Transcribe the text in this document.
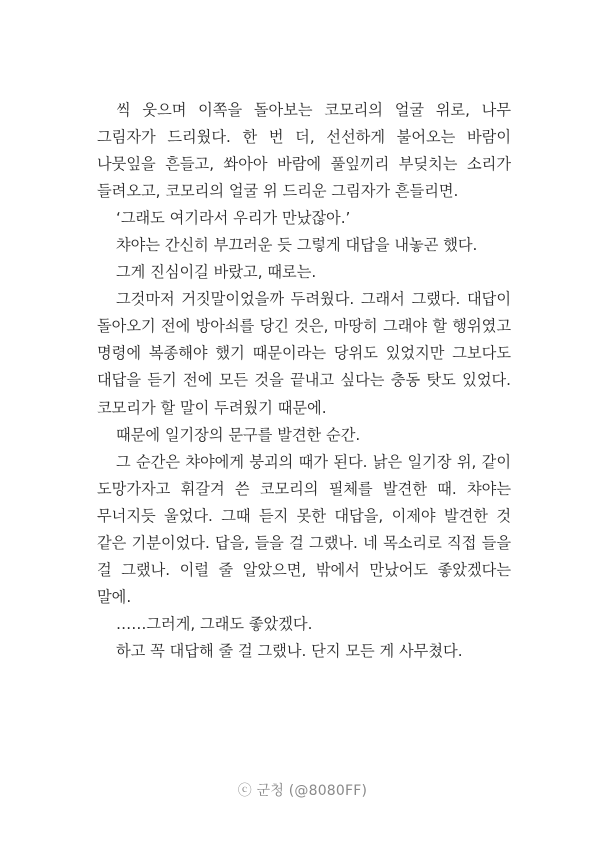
씩 웃으며 이쪽을 돌아보는 코모리의 얼굴 위로, 나무 그림자가 드리웠다. 한 번 더, 선선하게 불어오는 바람이 나뭇잎을 흔들고, 쏴아아 바람에 풀잎끼리 부딪치는 소리가 들려오고, 코모리의 얼굴 위 드리운 그림자가 흔들리면.

‘그래도 여기라서 우리가 만났잖아.’

챠야는 간신히 부끄러운 듯 그렇게 대답을 내놓곤 했다.

그게 진심이길 바랐고, 때로는.

그것마저 거짓말이었을까 두려웠다. 그래서 그랬다. 대답이 돌아오기 전에 방아쇠를 당긴 것은, 마땅히 그래야 할 행위였고 명령에 복종해야 했기 때문이라는 당위도 있었지만 그보다도 대답을 듣기 전에 모든 것을 끝내고 싶다는 충동 탓도 있었다. 코모리가 할 말이 두려웠기 때문에.

때문에 일기장의 문구를 발견한 순간.

그 순간은 챠야에게 붕괴의 때가 된다. 낡은 일기장 위, 같이 도망가자고 휘갈겨 쓴 코모리의 필체를 발견한 때. 챠야는 무너지듯 울었다. 그때 듣지 못한 대답을, 이제야 발견한 것 같은 기분이었다. 답을, 들을 걸 그랬나. 네 목소리로 직접 들을 걸 그랬나. 이럴 줄 알았으면, 밖에서 만났어도 좋았겠다는 말에.

……그러게, 그래도 좋았겠다.

하고 꼭 대답해 줄 걸 그랬나. 단지 모든 게 사무쳤다.

ⓒ 군청 (@8080FF)
